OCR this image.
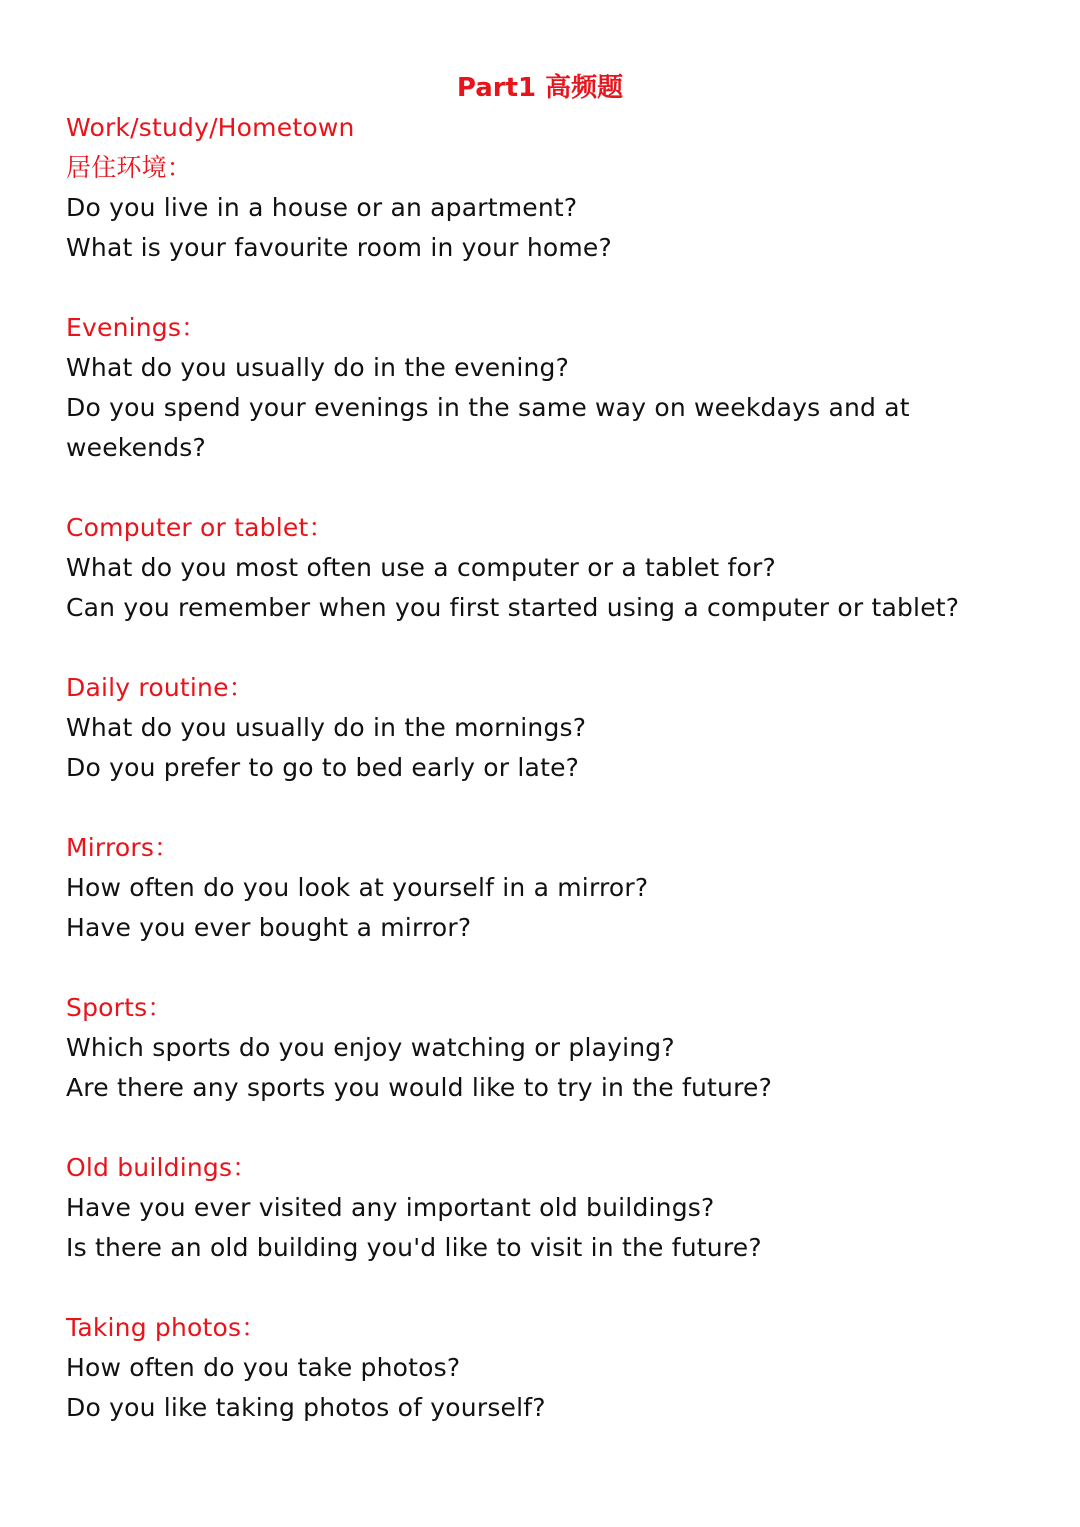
Part1 高频题

Work/study/Hometown

居住环境：

Do you live in a house or an apartment?

What is your favourite room in your home?

Evenings：

What do you usually do in the evening?

Do you spend your evenings in the same way on weekdays and at weekends?

Computer or tablet：

What do you most often use a computer or a tablet for?

Can you remember when you first started using a computer or tablet?

Daily routine：

What do you usually do in the mornings?

Do you prefer to go to bed early or late?

Mirrors：

How often do you look at yourself in a mirror?

Have you ever bought a mirror?

Sports：

Which sports do you enjoy watching or playing?

Are there any sports you would like to try in the future?

Old buildings：

Have you ever visited any important old buildings?

Is there an old building you'd like to visit in the future?

Taking photos：

How often do you take photos?

Do you like taking photos of yourself?
